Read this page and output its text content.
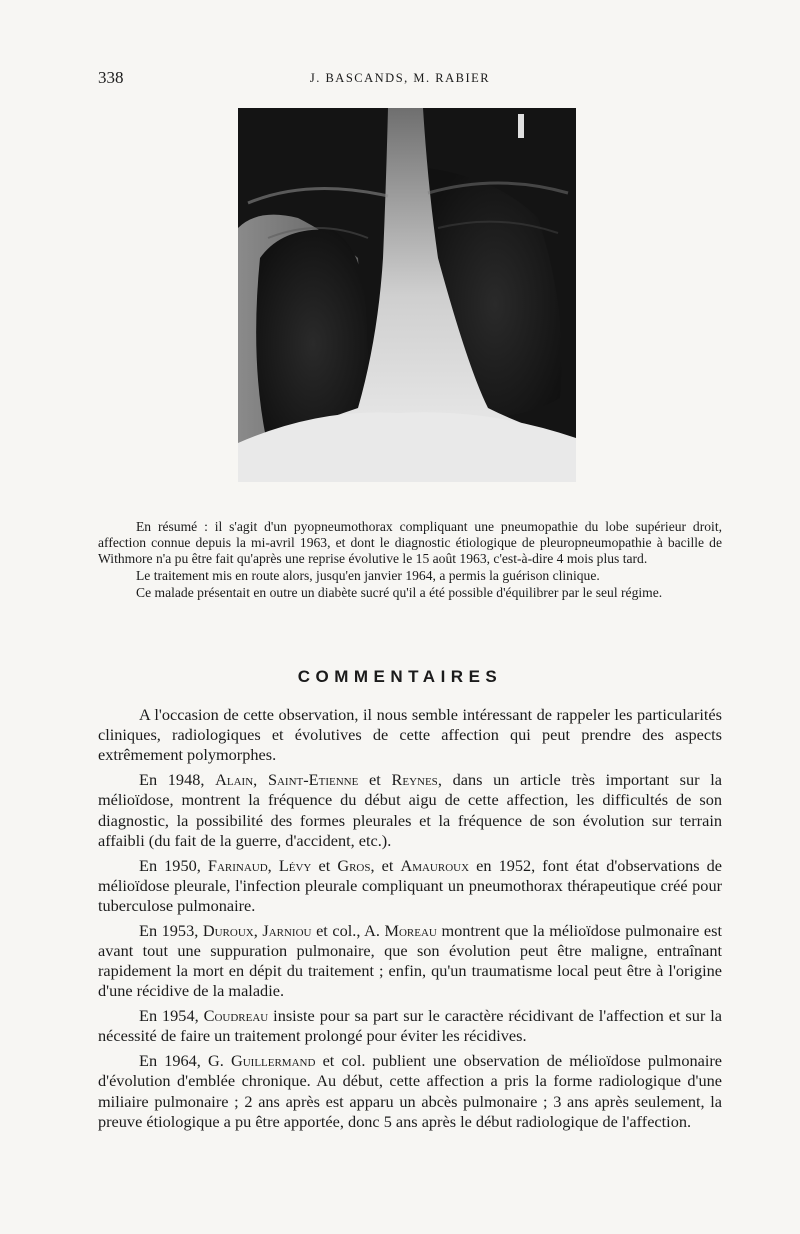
338	J. BASCANDS, M. RABIER

En résumé : il s'agit d'un pyopneumothorax compliquant une pneumopathie du lobe supérieur droit, affection connue depuis la mi-avril 1963, et dont le diagnostic étiologique de pleuropneumopathie à bacille de Withmore n'a pu être fait qu'après une reprise évolutive le 15 août 1963, c'est-à-dire 4 mois plus tard.

Le traitement mis en route alors, jusqu'en janvier 1964, a permis la guérison clinique.

Ce malade présentait en outre un diabète sucré qu'il a été possible d'équilibrer par le seul régime.

COMMENTAIRES

A l'occasion de cette observation, il nous semble intéressant de rappeler les particularités cliniques, radiologiques et évolutives de cette affection qui peut prendre des aspects extrêmement polymorphes.

En 1948, Alain, Saint-Etienne et Reynes, dans un article très important sur la mélioïdose, montrent la fréquence du début aigu de cette affection, les difficultés de son diagnostic, la possibilité des formes pleurales et la fréquence de son évolution sur terrain affaibli (du fait de la guerre, d'accident, etc.).

En 1950, Farinaud, Lévy et Gros, et Amauroux en 1952, font état d'observations de mélioïdose pleurale, l'infection pleurale compliquant un pneumothorax thérapeutique créé pour tuberculose pulmonaire.

En 1953, Duroux, Jarniou et col., A. Moreau montrent que la mélioïdose pulmonaire est avant tout une suppuration pulmonaire, que son évolution peut être maligne, entraînant rapidement la mort en dépit du traitement ; enfin, qu'un traumatisme local peut être à l'origine d'une récidive de la maladie.

En 1954, Coudreau insiste pour sa part sur le caractère récidivant de l'affection et sur la nécessité de faire un traitement prolongé pour éviter les récidives.

En 1964, G. Guillermand et col. publient une observation de mélioïdose pulmonaire d'évolution d'emblée chronique. Au début, cette affection a pris la forme radiologique d'une miliaire pulmonaire ; 2 ans après est apparu un abcès pulmonaire ; 3 ans après seulement, la preuve étiologique a pu être apportée, donc 5 ans après le début radiologique de l'affection.
